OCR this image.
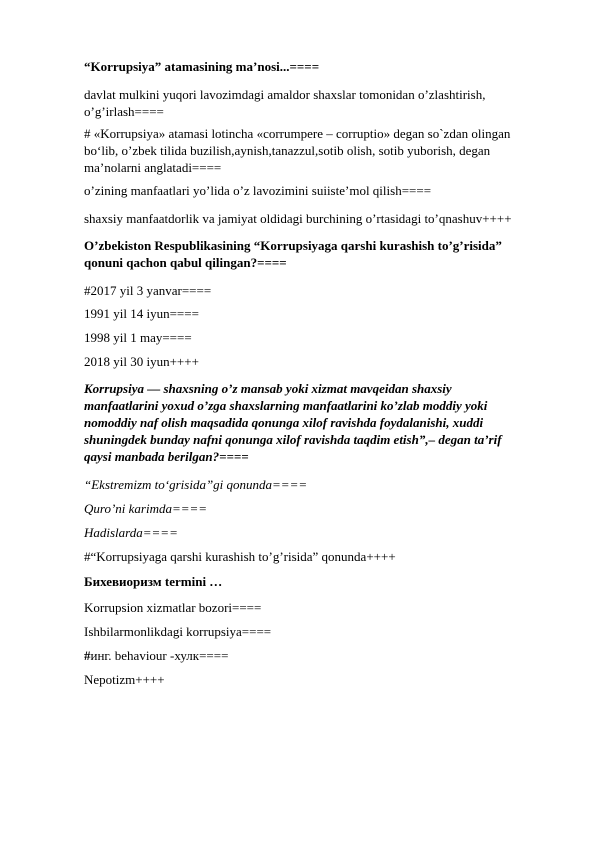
“Korrupsiya” atamasining ma’nosi...====
davlat mulkini yuqori lavozimdagi amaldor shaxslar tomonidan o’zlashtirish,
o’g’irlash====
# «Korrupsiya» atamasi lotincha «corrumpere – corruptio» degan so`zdan olingan
bo‘lib, o’zbek tilida buzilish,aynish,tanazzul,sotib olish, sotib yuborish, degan
ma’nolarni anglatadi====
o’zining manfaatlari yo’lida o’z lavozimini suiiste’mol qilish====
shaxsiy manfaatdorlik va jamiyat oldidagi burchining o’rtasidagi to’qnashuv++++
O’zbekiston Respublikasining “Korrupsiyaga qarshi kurashish to’g’risida”
qonuni qachon qabul qilingan?====
#2017 yil 3 yanvar====
1991 yil 14 iyun====
1998 yil 1 may====
2018 yil 30 iyun++++
Korrupsiya — shaxsning o’z mansab yoki xizmat mavqeidan shaxsiy
manfaatlarini yoxud o’zga shaxslarning manfaatlarini ko’zlab moddiy yoki
nomoddiy naf olish maqsadida qonunga xilof ravishda foydalanishi, xuddi
shuningdek bunday nafni qonunga xilof ravishda taqdim etish”,– degan ta’rif
qaysi manbada berilgan?====
“Ekstremizm to‘grisida”gi qonunda====
Quro’ni karimda====
Hadislarda====
#“Korrupsiyaga qarshi kurashish to’g’risida” qonunda++++
Бихевиоризм termini …
Korrupsion xizmatlar bozori====
Ishbilarmonlikdagi korrupsiya====
#инг. behaviour -хулк====
Nepotizm++++
